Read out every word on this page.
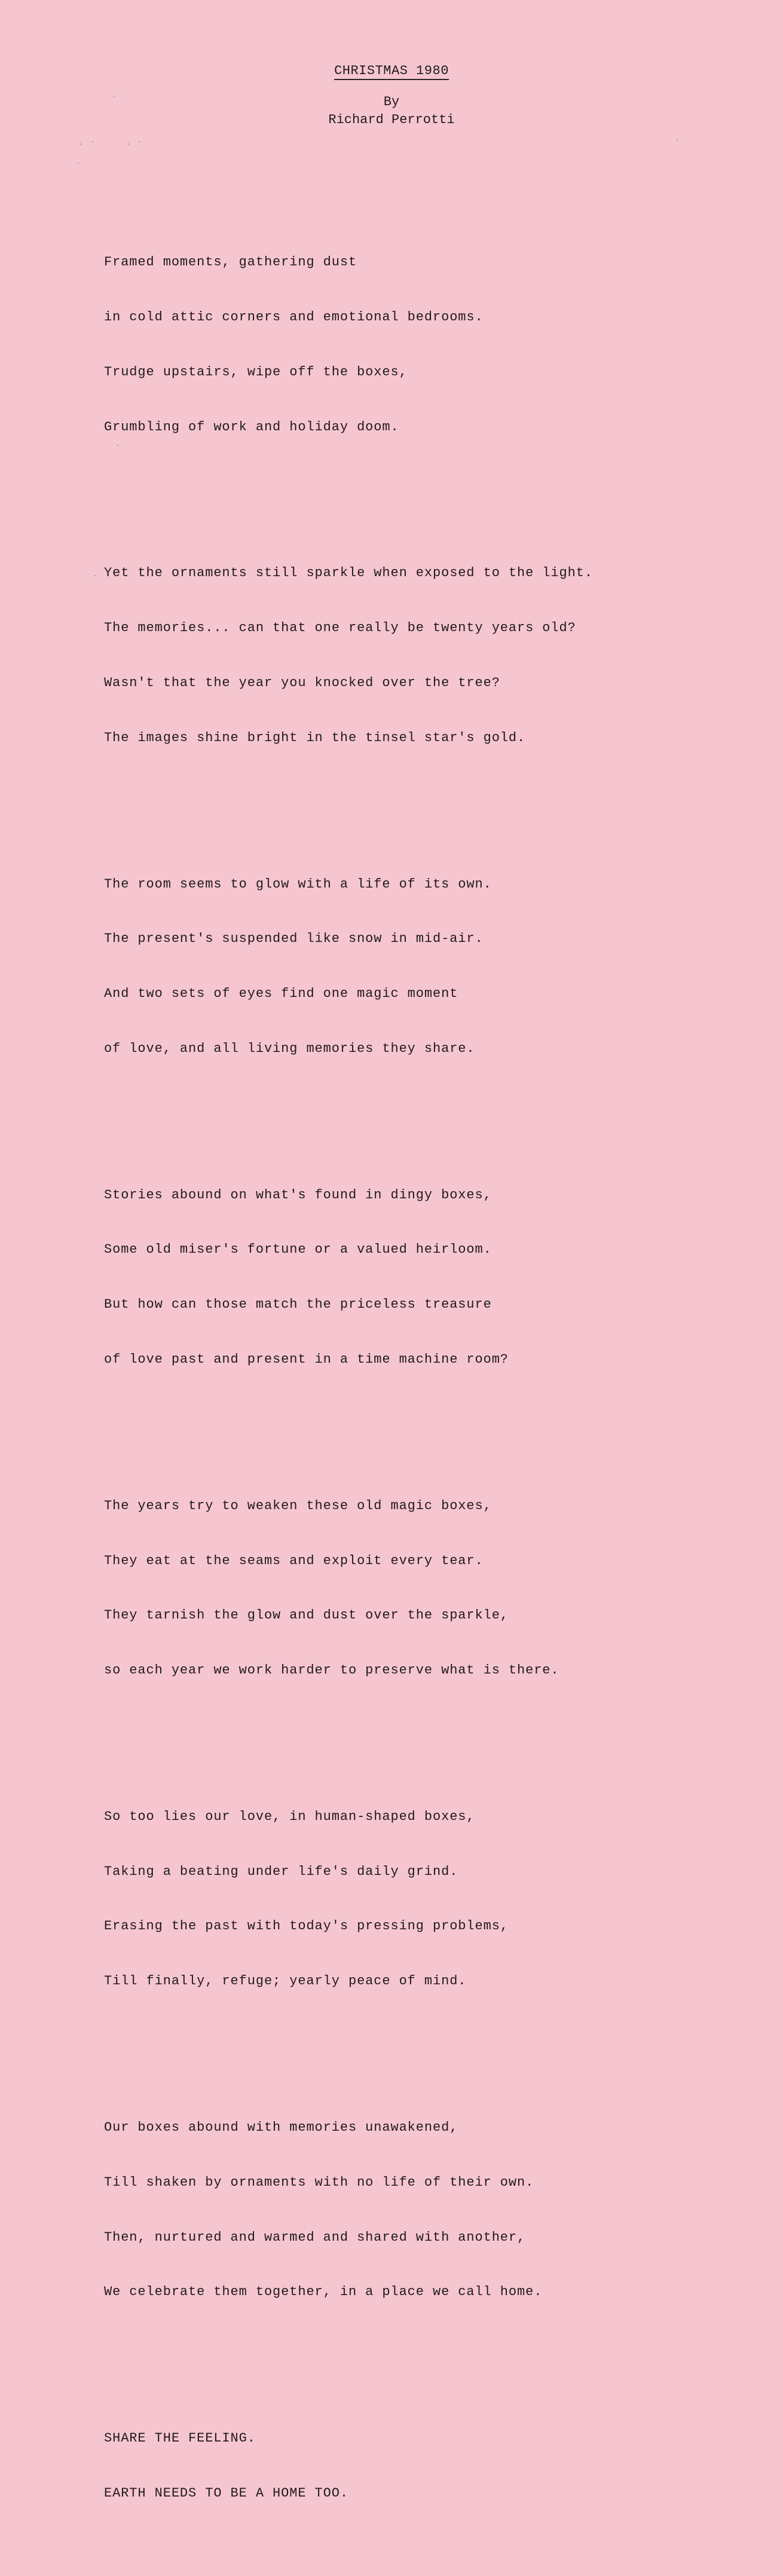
CHRISTMAS 1980
By
Richard Perrotti

Framed moments, gathering dust

in cold attic corners and emotional bedrooms.

Trudge upstairs, wipe off the boxes,

Grumbling of work and holiday doom.

Yet the ornaments still sparkle when exposed to the light.

The memories... can that one really be twenty years old?

Wasn't that the year you knocked over the tree?

The images shine bright in the tinsel star's gold.

The room seems to glow with a life of its own.

The present's suspended like snow in mid-air.

And two sets of eyes find one magic moment

of love, and all living memories they share.

Stories abound on what's found in dingy boxes,

Some old miser's fortune or a valued heirloom.

But how can those match the priceless treasure

of love past and present in a time machine room?

The years try to weaken these old magic boxes,

They eat at the seams and exploit every tear.

They tarnish the glow and dust over the sparkle,

so each year we work harder to preserve what is there.

So too lies our love, in human-shaped boxes,

Taking a beating under life's daily grind.

Erasing the past with today's pressing problems,

Till finally, refuge; yearly peace of mind.

Our boxes abound with memories unawakened,

Till shaken by ornaments with no life of their own.

Then, nurtured and warmed and shared with another,

We celebrate them together, in a place we call home.

SHARE THE FEELING.

EARTH NEEDS TO BE A HOME TOO.
